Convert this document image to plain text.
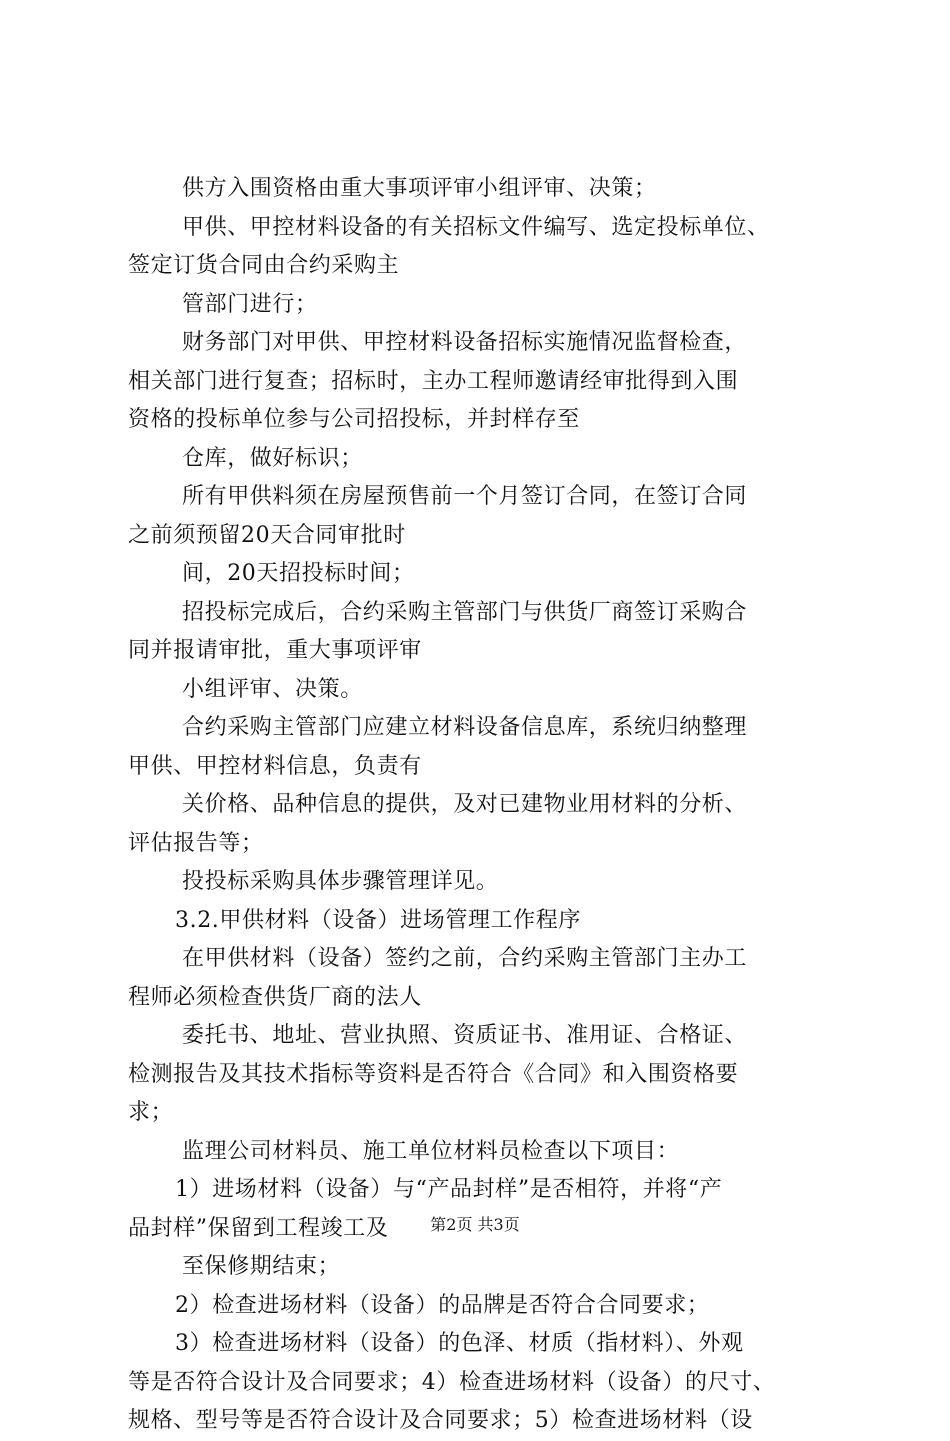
供方入围资格由重大事项评审小组评审、决策；
甲供、甲控材料设备的有关招标文件编写、选定投标单位、
签定订货合同由合约采购主
管部门进行；
财务部门对甲供、甲控材料设备招标实施情况监督检查，
相关部门进行复查；招标时，主办工程师邀请经审批得到入围
资格的投标单位参与公司招投标，并封样存至
仓库，做好标识；
所有甲供料须在房屋预售前一个月签订合同，在签订合同
之前须预留20天合同审批时
间，20天招投标时间；
招投标完成后，合约采购主管部门与供货厂商签订采购合
同并报请审批，重大事项评审
小组评审、决策。
合约采购主管部门应建立材料设备信息库，系统归纳整理
甲供、甲控材料信息，负责有
关价格、品种信息的提供，及对已建物业用材料的分析、
评估报告等；
投投标采购具体步骤管理详见。
3.2.甲供材料（设备）进场管理工作程序
在甲供材料（设备）签约之前，合约采购主管部门主办工
程师必须检查供货厂商的法人
委托书、地址、营业执照、资质证书、准用证、合格证、
检测报告及其技术指标等资料是否符合《合同》和入围资格要
求；
监理公司材料员、施工单位材料员检查以下项目：
1）进场材料（设备）与“产品封样”是否相符，并将“产
品封样”保留到工程竣工及
至保修期结束；
2）检查进场材料（设备）的品牌是否符合合同要求；
3）检查进场材料（设备）的色泽、材质（指材料）、外观
等是否符合设计及合同要求；4）检查进场材料（设备）的尺寸、
规格、型号等是否符合设计及合同要求；5）检查进场材料（设
第2页 共3页
